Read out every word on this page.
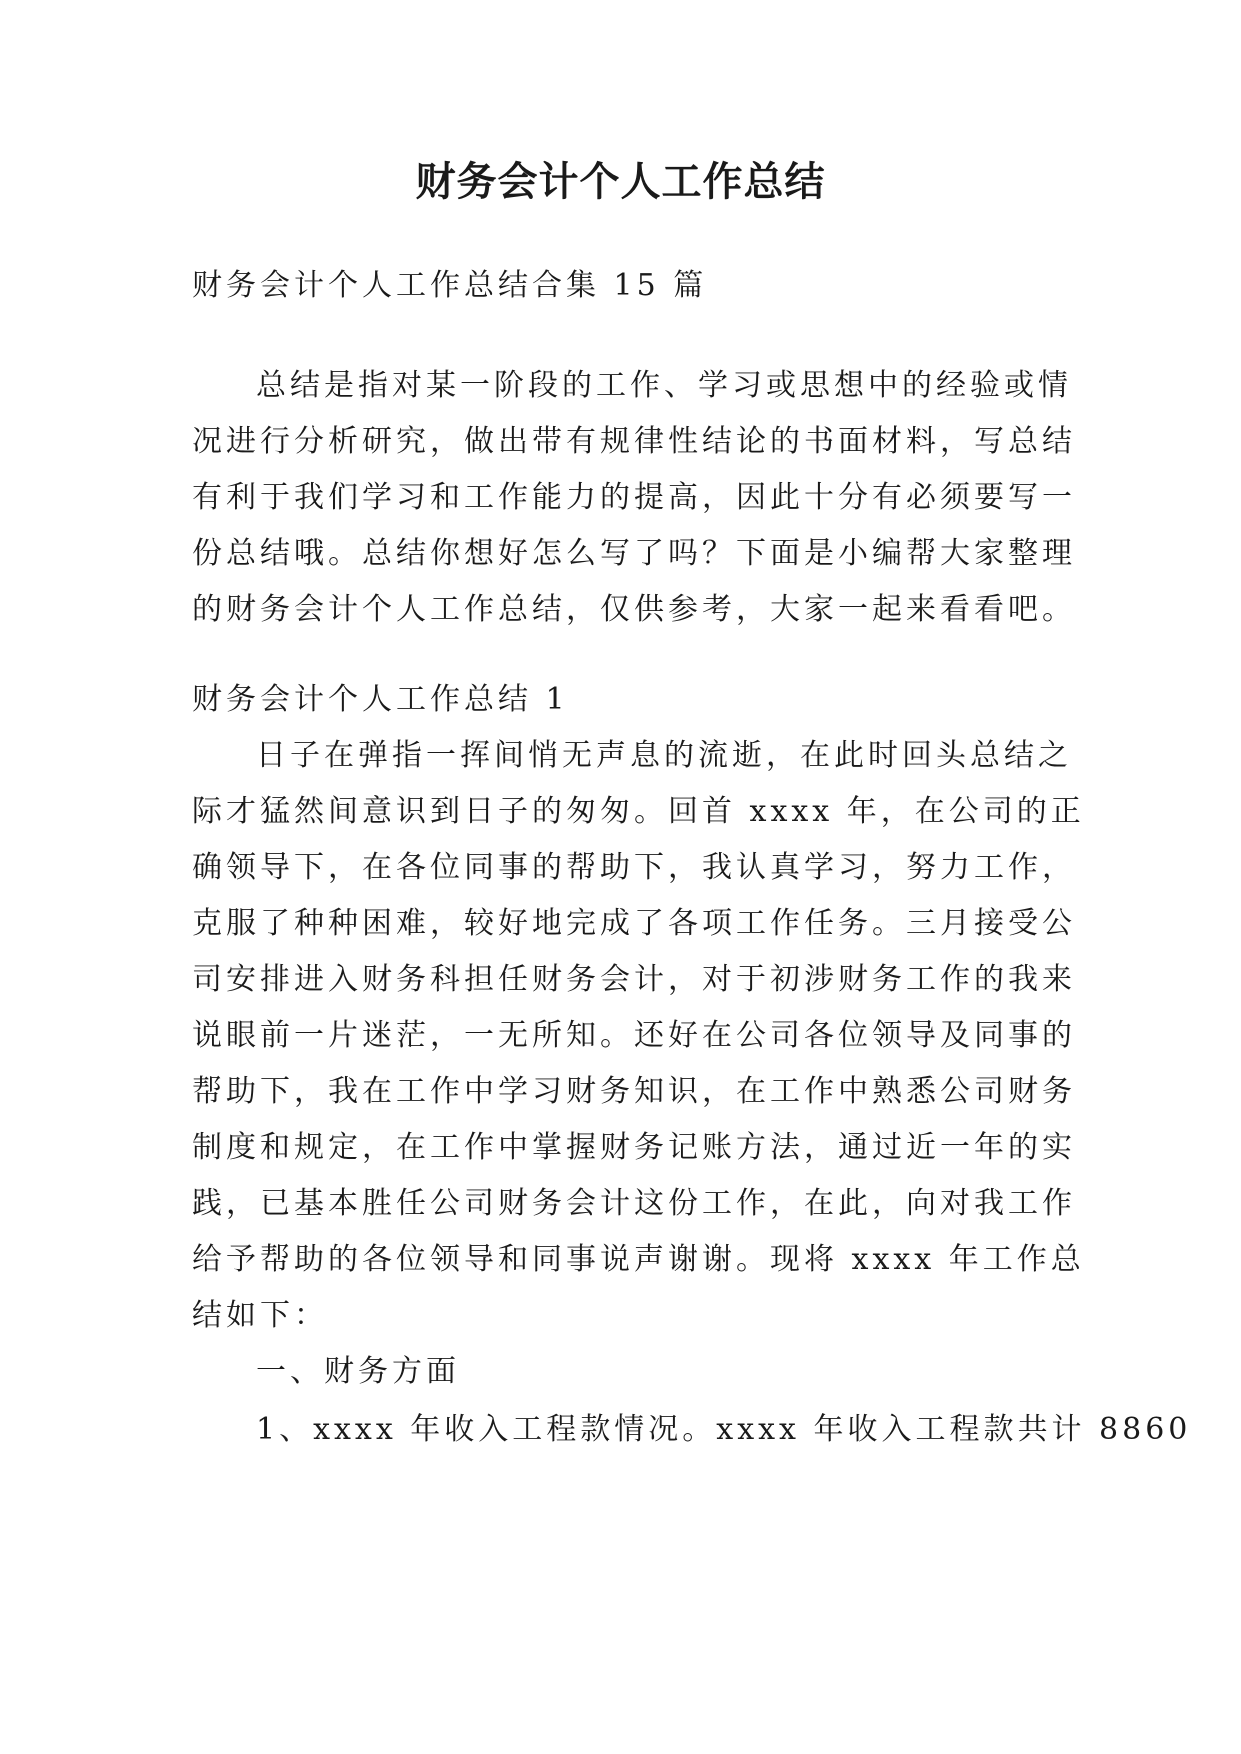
财务会计个人工作总结
财务会计个人工作总结合集 15 篇
总结是指对某一阶段的工作、学习或思想中的经验或情
况进行分析研究，做出带有规律性结论的书面材料，写总结
有利于我们学习和工作能力的提高，因此十分有必须要写一
份总结哦。总结你想好怎么写了吗？下面是小编帮大家整理
的财务会计个人工作总结，仅供参考，大家一起来看看吧。
财务会计个人工作总结 1
日子在弹指一挥间悄无声息的流逝，在此时回头总结之
际才猛然间意识到日子的匆匆。回首 xxxx 年，在公司的正
确领导下，在各位同事的帮助下，我认真学习，努力工作，
克服了种种困难，较好地完成了各项工作任务。三月接受公
司安排进入财务科担任财务会计，对于初涉财务工作的我来
说眼前一片迷茫，一无所知。还好在公司各位领导及同事的
帮助下，我在工作中学习财务知识，在工作中熟悉公司财务
制度和规定，在工作中掌握财务记账方法，通过近一年的实
践，已基本胜任公司财务会计这份工作，在此，向对我工作
给予帮助的各位领导和同事说声谢谢。现将 xxxx 年工作总
结如下：
一、财务方面
1、xxxx 年收入工程款情况。xxxx 年收入工程款共计 8860
